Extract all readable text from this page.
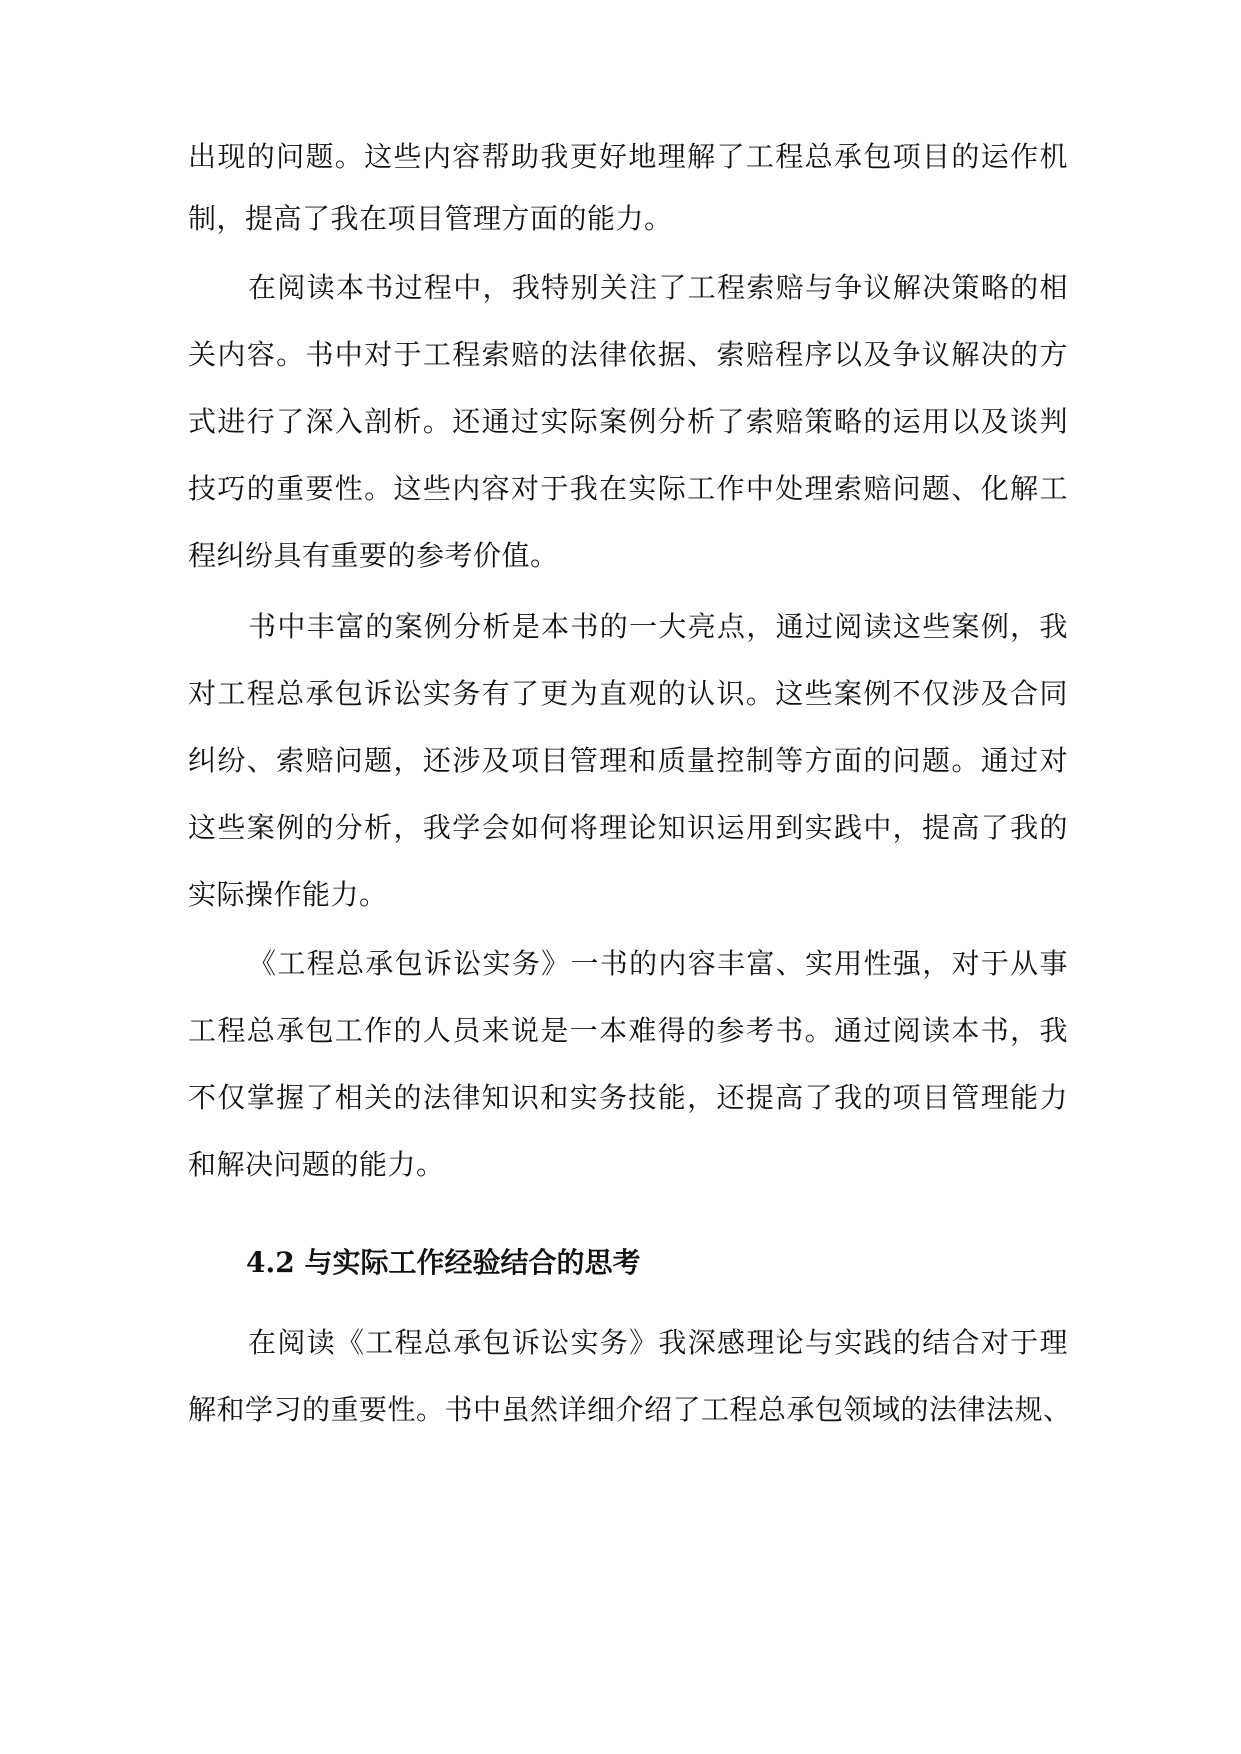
出现的问题。这些内容帮助我更好地理解了工程总承包项目的运作机
制，提高了我在项目管理方面的能力。
在阅读本书过程中，我特别关注了工程索赔与争议解决策略的相
关内容。书中对于工程索赔的法律依据、索赔程序以及争议解决的方
式进行了深入剖析。还通过实际案例分析了索赔策略的运用以及谈判
技巧的重要性。这些内容对于我在实际工作中处理索赔问题、化解工
程纠纷具有重要的参考价值。
书中丰富的案例分析是本书的一大亮点，通过阅读这些案例，我
对工程总承包诉讼实务有了更为直观的认识。这些案例不仅涉及合同
纠纷、索赔问题，还涉及项目管理和质量控制等方面的问题。通过对
这些案例的分析，我学会如何将理论知识运用到实践中，提高了我的
实际操作能力。
《工程总承包诉讼实务》一书的内容丰富、实用性强，对于从事
工程总承包工作的人员来说是一本难得的参考书。通过阅读本书，我
不仅掌握了相关的法律知识和实务技能，还提高了我的项目管理能力
和解决问题的能力。
4.2 与实际工作经验结合的思考
在阅读《工程总承包诉讼实务》我深感理论与实践的结合对于理
解和学习的重要性。书中虽然详细介绍了工程总承包领域的法律法规、
